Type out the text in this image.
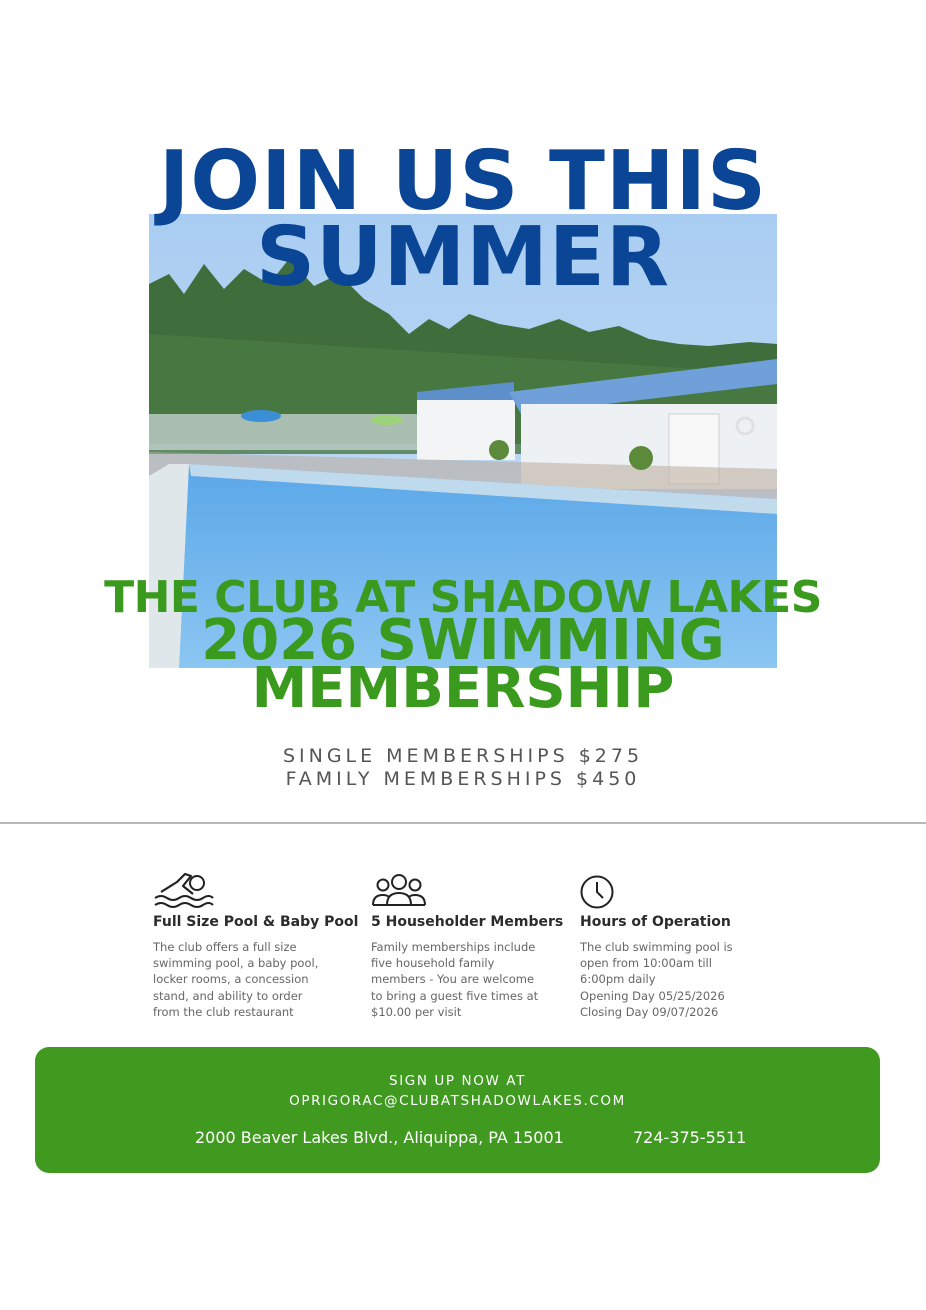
JOIN US THIS
SUMMER
THE CLUB AT SHADOW LAKES
2026 SWIMMING
MEMBERSHIP
SINGLE MEMBERSHIPS $275
FAMILY MEMBERSHIPS $450
Full Size Pool & Baby Pool
The club offers a full size
swimming pool, a baby pool,
locker rooms, a concession
stand, and ability to order
from the club restaurant
5 Householder Members
Family memberships include
five household family
members - You are welcome
to bring a guest five times at
$10.00 per visit
Hours of Operation
The club swimming pool is
open from 10:00am till
6:00pm daily
Opening Day 05/25/2026
Closing Day 09/07/2026
SIGN UP NOW AT
OPRIGORAC@CLUBATSHADOWLAKES.COM
2000 Beaver Lakes Blvd., Aliquippa, PA 15001	724-375-5511
